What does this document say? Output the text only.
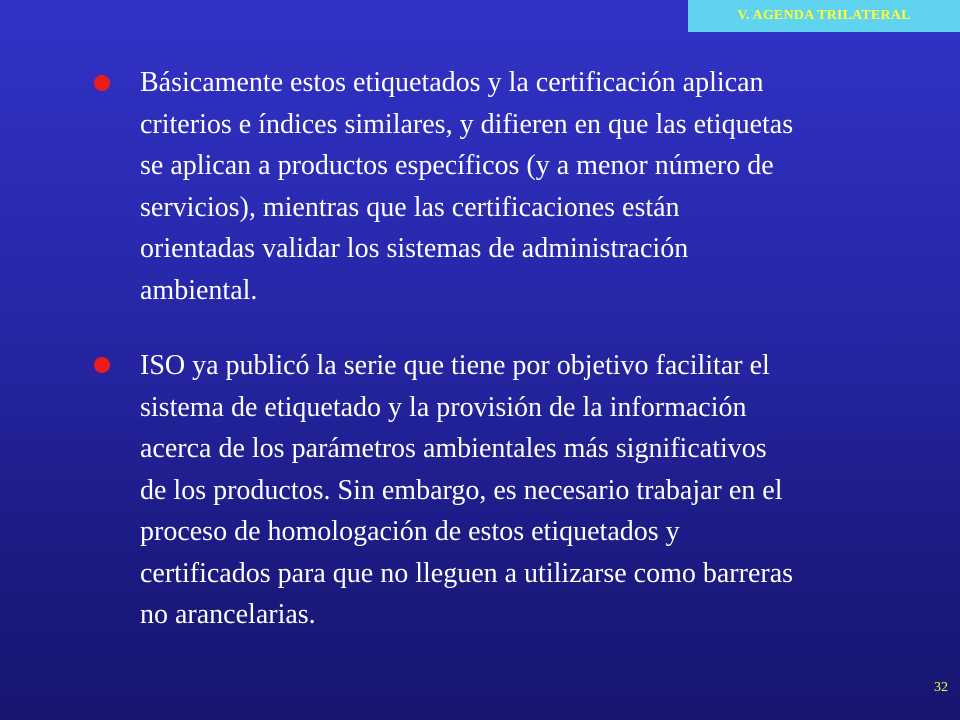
V. AGENDA TRILATERAL

Básicamente estos etiquetados y la certificación aplican
criterios e índices similares, y difieren en que las etiquetas
se aplican a productos específicos (y a menor número de
servicios), mientras que las certificaciones están
orientadas validar los sistemas de administración
ambiental.

ISO ya publicó la serie que tiene por objetivo facilitar el
sistema de etiquetado y la provisión de la información
acerca de los parámetros ambientales más significativos
de los productos. Sin embargo, es necesario trabajar en el
proceso de homologación de estos etiquetados y
certificados para que no lleguen a utilizarse como barreras
no arancelarias.

32
